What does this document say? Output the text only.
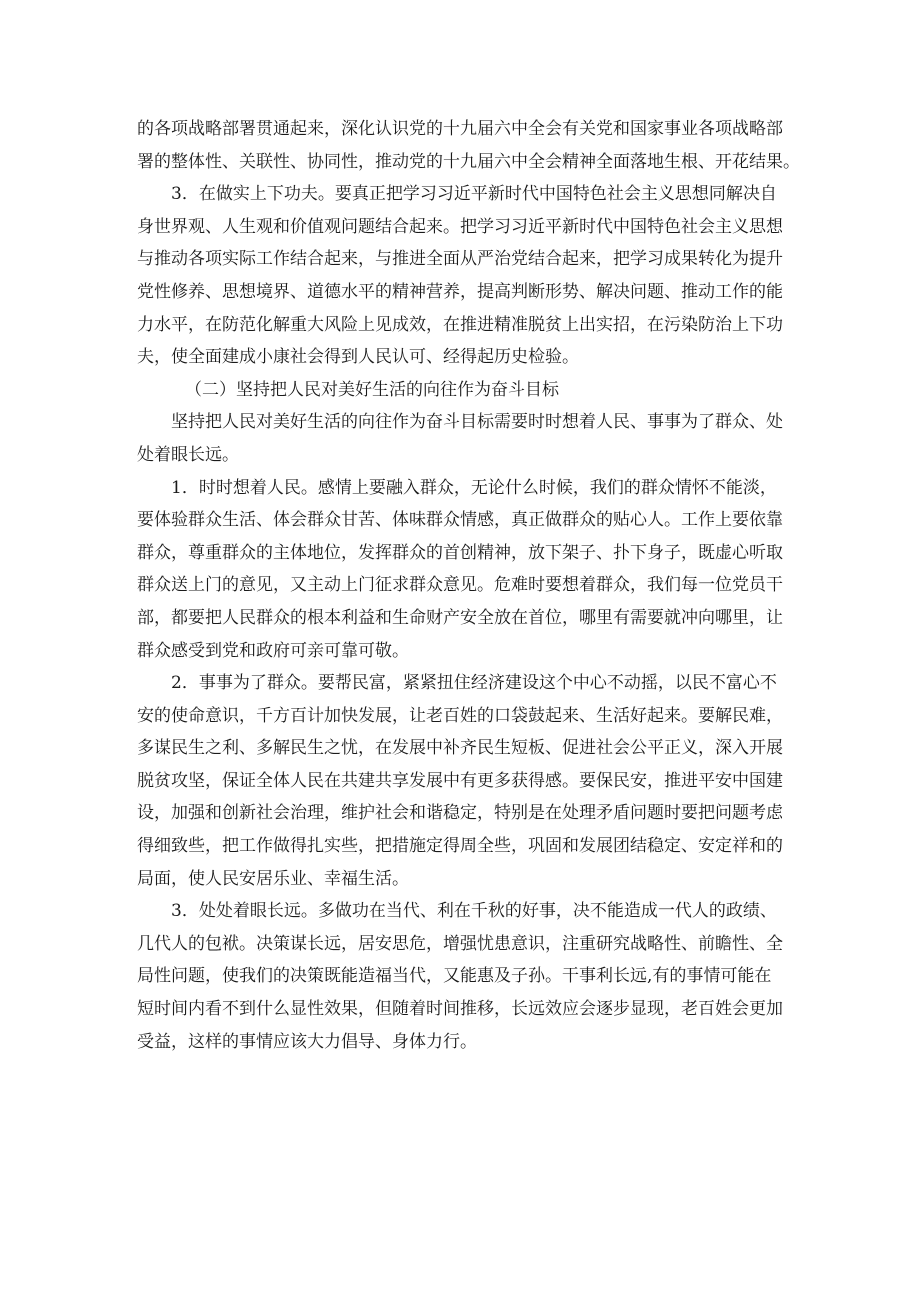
的各项战略部署贯通起来，深化认识党的十九届六中全会有关党和国家事业各项战略部
署的整体性、关联性、协同性，推动党的十九届六中全会精神全面落地生根、开花结果。
3．在做实上下功夫。要真正把学习习近平新时代中国特色社会主义思想同解决自
身世界观、人生观和价值观问题结合起来。把学习习近平新时代中国特色社会主义思想
与推动各项实际工作结合起来，与推进全面从严治党结合起来，把学习成果转化为提升
党性修养、思想境界、道德水平的精神营养，提高判断形势、解决问题、推动工作的能
力水平，在防范化解重大风险上见成效，在推进精准脱贫上出实招，在污染防治上下功
夫，使全面建成小康社会得到人民认可、经得起历史检验。
（二）坚持把人民对美好生活的向往作为奋斗目标
坚持把人民对美好生活的向往作为奋斗目标需要时时想着人民、事事为了群众、处
处着眼长远。
1．时时想着人民。感情上要融入群众，无论什么时候，我们的群众情怀不能淡，
要体验群众生活、体会群众甘苦、体味群众情感，真正做群众的贴心人。工作上要依靠
群众，尊重群众的主体地位，发挥群众的首创精神，放下架子、扑下身子，既虚心听取
群众送上门的意见，又主动上门征求群众意见。危难时要想着群众，我们每一位党员干
部，都要把人民群众的根本利益和生命财产安全放在首位，哪里有需要就冲向哪里，让
群众感受到党和政府可亲可靠可敬。
2．事事为了群众。要帮民富，紧紧扭住经济建设这个中心不动摇，以民不富心不
安的使命意识，千方百计加快发展，让老百姓的口袋鼓起来、生活好起来。要解民难，
多谋民生之利、多解民生之忧，在发展中补齐民生短板、促进社会公平正义，深入开展
脱贫攻坚，保证全体人民在共建共享发展中有更多获得感。要保民安，推进平安中国建
设，加强和创新社会治理，维护社会和谐稳定，特别是在处理矛盾问题时要把问题考虑
得细致些，把工作做得扎实些，把措施定得周全些，巩固和发展团结稳定、安定祥和的
局面，使人民安居乐业、幸福生活。
3．处处着眼长远。多做功在当代、利在千秋的好事，决不能造成一代人的政绩、
几代人的包袱。决策谋长远，居安思危，增强忧患意识，注重研究战略性、前瞻性、全
局性问题，使我们的决策既能造福当代，又能惠及子孙。干事利长远,有的事情可能在
短时间内看不到什么显性效果，但随着时间推移，长远效应会逐步显现，老百姓会更加
受益，这样的事情应该大力倡导、身体力行。
